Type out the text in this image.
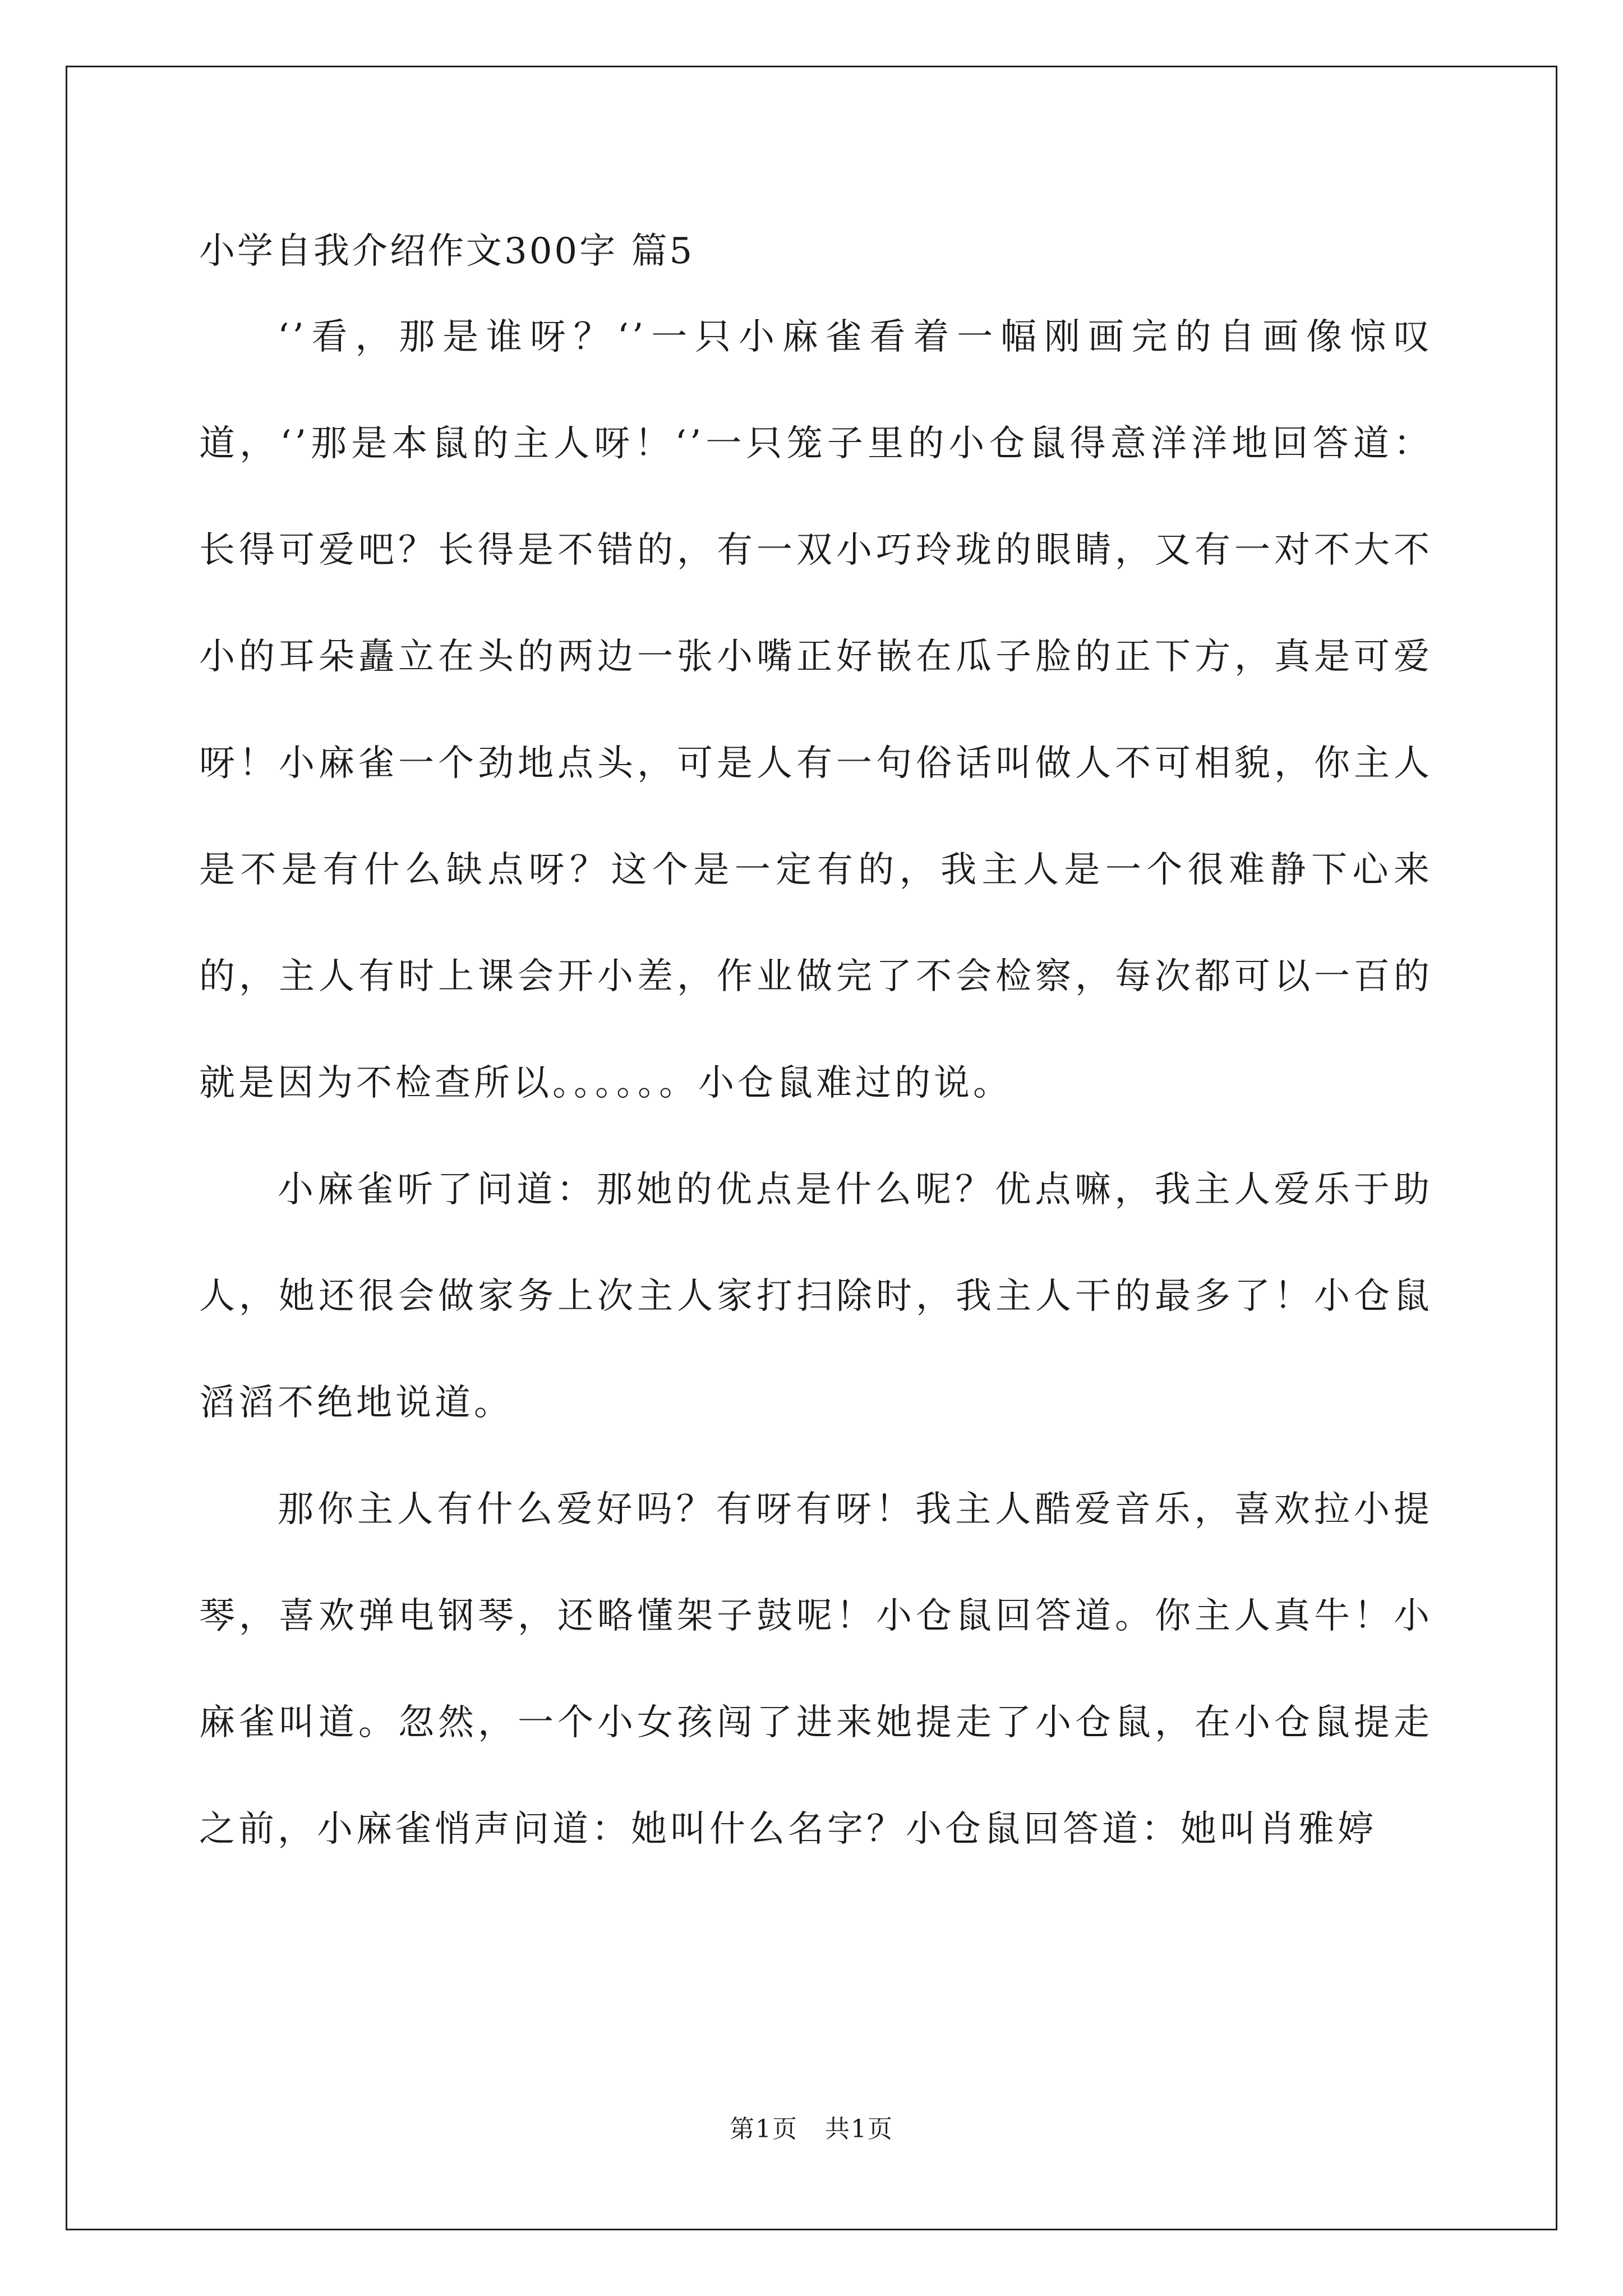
小学自我介绍作文300字 篇5

‘’看，那是谁呀？‘’一只小麻雀看着一幅刚画完的自画像惊叹道，‘’那是本鼠的主人呀！‘’一只笼子里的小仓鼠得意洋洋地回答道：长得可爱吧？长得是不错的，有一双小巧玲珑的眼睛，又有一对不大不小的耳朵矗立在头的两边一张小嘴正好嵌在瓜子脸的正下方，真是可爱呀！小麻雀一个劲地点头，可是人有一句俗话叫做人不可相貌，你主人是不是有什么缺点呀？这个是一定有的，我主人是一个很难静下心来的，主人有时上课会开小差，作业做完了不会检察，每次都可以一百的就是因为不检查所以。。。。。。小仓鼠难过的说。

小麻雀听了问道：那她的优点是什么呢？优点嘛，我主人爱乐于助人，她还很会做家务上次主人家打扫除时，我主人干的最多了！小仓鼠滔滔不绝地说道。

那你主人有什么爱好吗？有呀有呀！我主人酷爱音乐，喜欢拉小提琴，喜欢弹电钢琴，还略懂架子鼓呢！小仓鼠回答道。你主人真牛！小麻雀叫道。忽然，一个小女孩闯了进来她提走了小仓鼠，在小仓鼠提走之前，小麻雀悄声问道：她叫什么名字？小仓鼠回答道：她叫肖雅婷

第1页   共1页
